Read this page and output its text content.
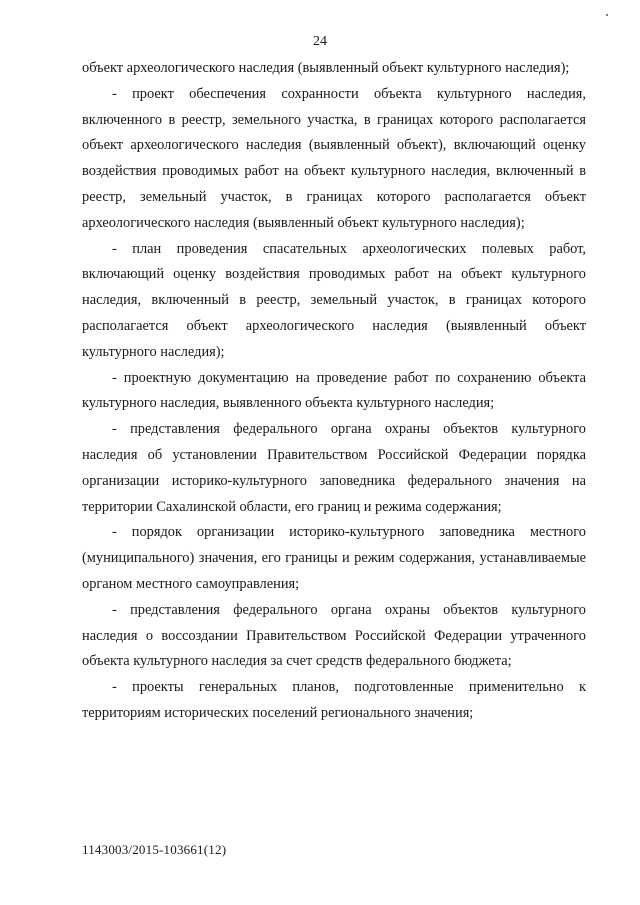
24

объект археологического наследия (выявленный объект культурного наследия);

- проект обеспечения сохранности объекта культурного наследия, включенного в реестр, земельного участка, в границах которого располагается объект археологического наследия (выявленный объект), включающий оценку воздействия проводимых работ на объект культурного наследия, включенный в реестр, земельный участок, в границах которого располагается объект археологического наследия (выявленный объект культурного наследия);

- план проведения спасательных археологических полевых работ, включающий оценку воздействия проводимых работ на объект культурного наследия, включенный в реестр, земельный участок, в границах которого располагается объект археологического наследия (выявленный объект культурного наследия);

- проектную документацию на проведение работ по сохранению объекта культурного наследия, выявленного объекта культурного наследия;

- представления федерального органа охраны объектов культурного наследия об установлении Правительством Российской Федерации порядка организации историко-культурного заповедника федерального значения на территории Сахалинской области, его границ и режима содержания;

- порядок организации историко-культурного заповедника местного (муниципального) значения, его границы и режим содержания, устанавливаемые органом местного самоуправления;

- представления федерального органа охраны объектов культурного наследия о воссоздании Правительством Российской Федерации утраченного объекта культурного наследия за счет средств федерального бюджета;

- проекты генеральных планов, подготовленные применительно к территориям исторических поселений регионального значения;

1143003/2015-103661(12)
